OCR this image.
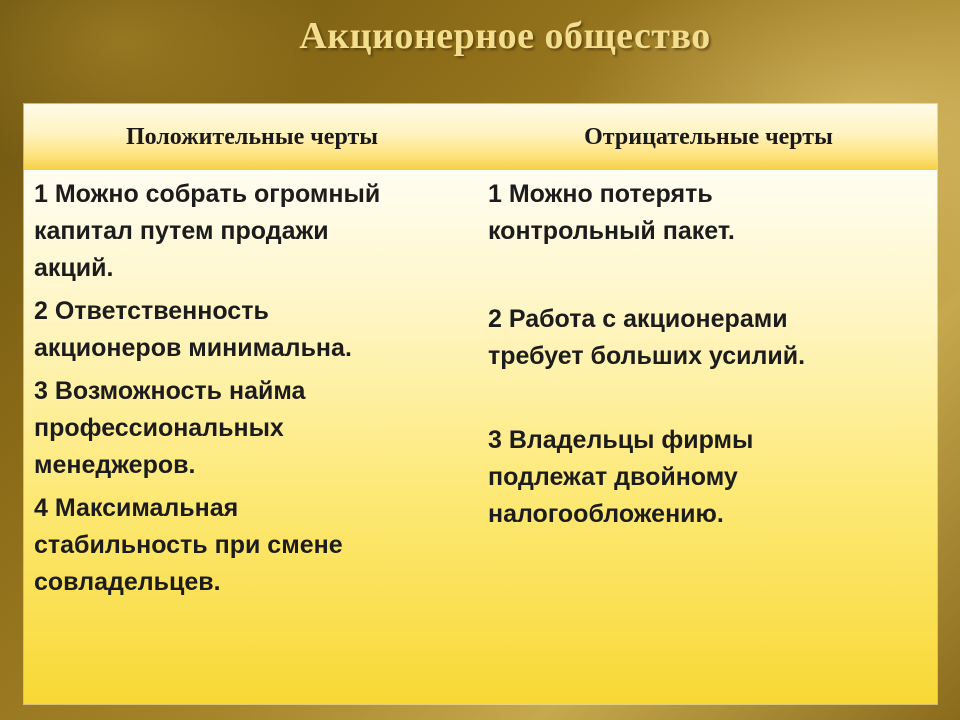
Акционерное общество
Положительные черты	Отрицательные черты
1 Можно собрать огромный
капитал путем продажи
акций.
2 Ответственность
акционеров минимальна.
3 Возможность найма
профессиональных
менеджеров.
4 Максимальная
стабильность при смене
совладельцев.
1 Можно потерять
контрольный пакет.
2 Работа с акционерами
требует больших усилий.
3 Владельцы фирмы
подлежат двойному
налогообложению.
